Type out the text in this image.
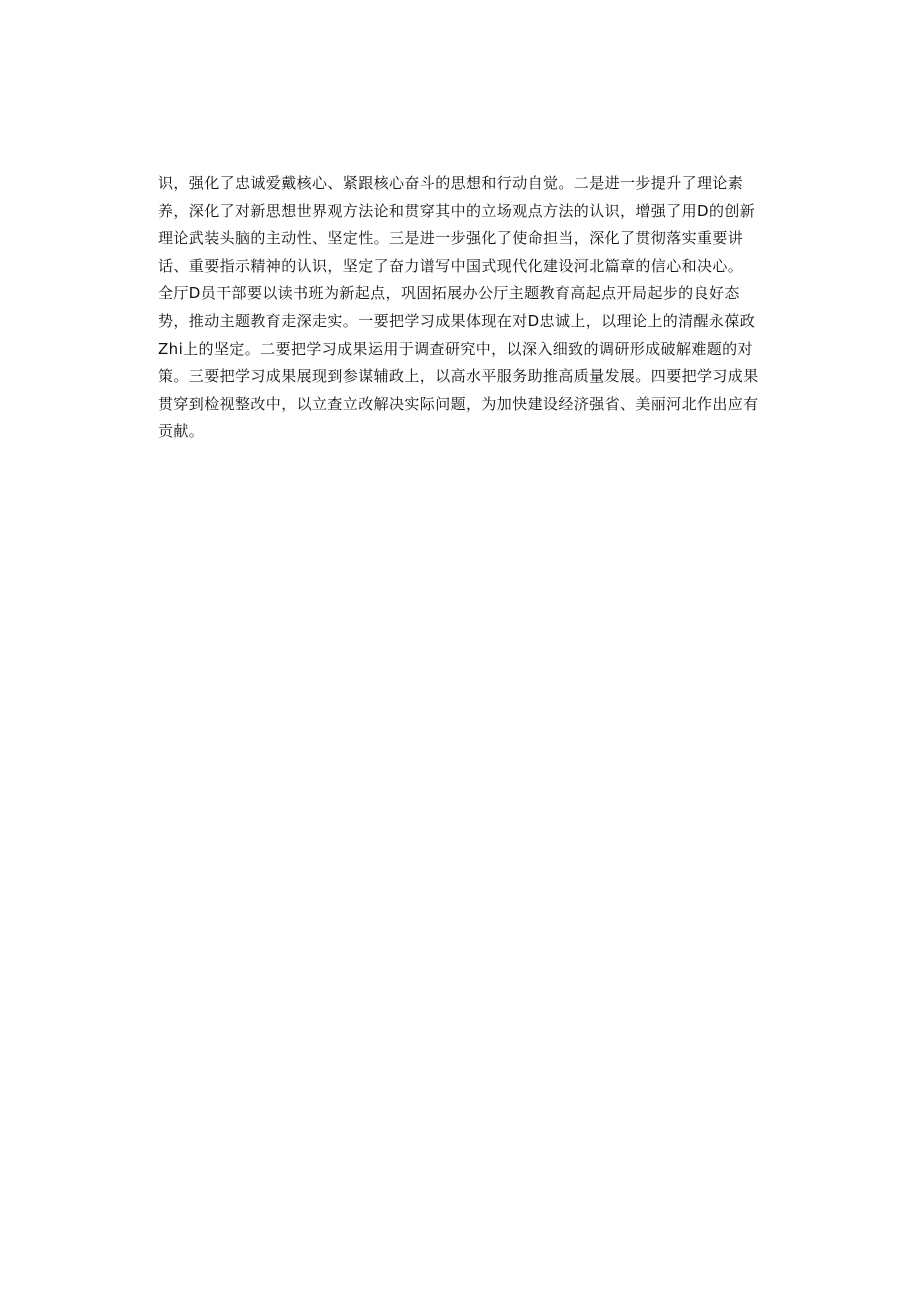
识，强化了忠诚爱戴核心、紧跟核心奋斗的思想和行动自觉。二是进一步提升了理论素
养，深化了对新思想世界观方法论和贯穿其中的立场观点方法的认识，增强了用D的创新
理论武装头脑的主动性、坚定性。三是进一步强化了使命担当，深化了贯彻落实重要讲
话、重要指示精神的认识，坚定了奋力谱写中国式现代化建设河北篇章的信心和决心。
全厅D员干部要以读书班为新起点，巩固拓展办公厅主题教育高起点开局起步的良好态
势，推动主题教育走深走实。一要把学习成果体现在对D忠诚上，以理论上的清醒永葆政
Zhi上的坚定。二要把学习成果运用于调查研究中，以深入细致的调研形成破解难题的对
策。三要把学习成果展现到参谋辅政上，以高水平服务助推高质量发展。四要把学习成果
贯穿到检视整改中，以立查立改解决实际问题，为加快建设经济强省、美丽河北作出应有
贡献。
